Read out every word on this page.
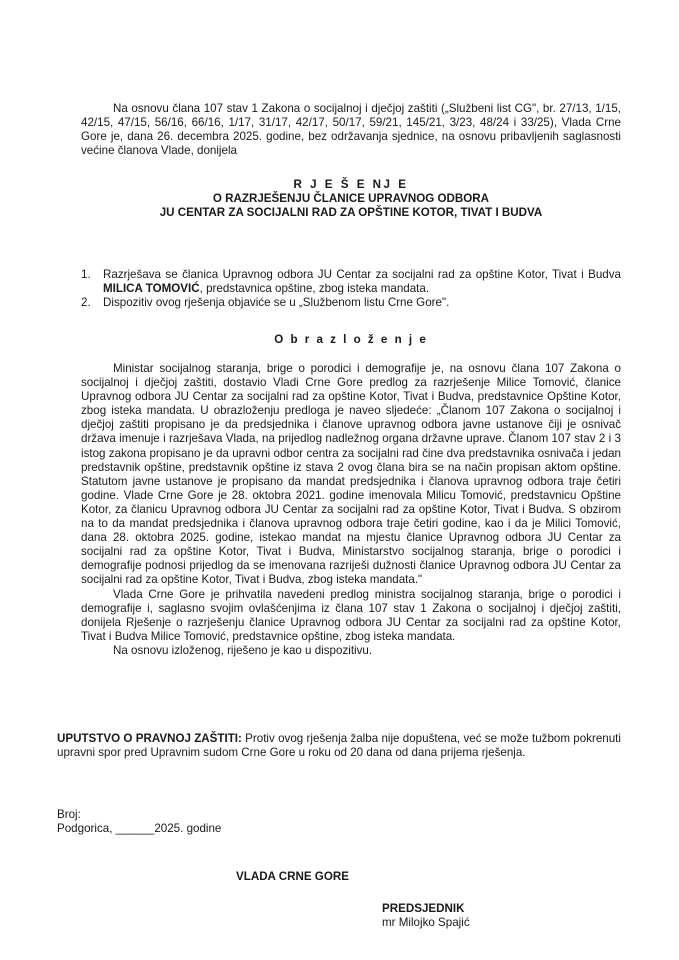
Na osnovu člana 107 stav 1 Zakona o socijalnoj i dječjoj zaštiti („Službeni list CG", br. 27/13, 1/15, 42/15, 47/15, 56/16, 66/16, 1/17, 31/17, 42/17, 50/17, 59/21, 145/21, 3/23, 48/24 i 33/25), Vlada Crne Gore je, dana 26. decembra 2025. godine, bez održavanja sjednice, na osnovu pribavljenih saglasnosti većine članova Vlade, donijela
R J E Š E NJ E
O RAZRJEŠENJU ČLANICE UPRAVNOG ODBORA
JU CENTAR ZA SOCIJALNI RAD ZA OPŠTINE KOTOR, TIVAT I BUDVA
1. Razrješava se članica Upravnog odbora JU Centar za socijalni rad za opštine Kotor, Tivat i Budva MILICA TOMOVIĆ, predstavnica opštine, zbog isteka mandata.
2. Dispozitiv ovog rješenja objaviće se u „Službenom listu Crne Gore".
O b r a z l o ž e n j e

Ministar socijalnog staranja, brige o porodici i demografije je, na osnovu člana 107 Zakona o socijalnoj i dječjoj zaštiti, dostavio Vladi Crne Gore predlog za razrješenje Milice Tomović, članice Upravnog odbora JU Centar za socijalni rad za opštine Kotor, Tivat i Budva, predstavnice Opštine Kotor, zbog isteka mandata. U obrazloženju predloga je naveo sljedeće: „Članom 107 Zakona o socijalnoj i dječjoj zaštiti propisano je da predsjednika i članove upravnog odbora javne ustanove čiji je osnivač država imenuje i razrješava Vlada, na prijedlog nadležnog organa državne uprave. Članom 107 stav 2 i 3 istog zakona propisano je da upravni odbor centra za socijalni rad čine dva predstavnika osnivača i jedan predstavnik opštine, predstavnik opštine iz stava 2 ovog člana bira se na način propisan aktom opštine. Statutom javne ustanove je propisano da mandat predsjednika i članova upravnog odbora traje četiri godine. Vlade Crne Gore je 28. oktobra 2021. godine imenovala Milicu Tomović, predstavnicu Opštine Kotor, za članicu Upravnog odbora JU Centar za socijalni rad za opštine Kotor, Tivat i Budva. S obzirom na to da mandat predsjednika i članova upravnog odbora traje četiri godine, kao i da je Milici Tomović, dana 28. oktobra 2025. godine, istekao mandat na mjestu članice Upravnog odbora JU Centar za socijalni rad za opštine Kotor, Tivat i Budva, Ministarstvo socijalnog staranja, brige o porodici i demografije podnosi prijedlog da se imenovana razriješi dužnosti članice Upravnog odbora JU Centar za socijalni rad za opštine Kotor, Tivat i Budva, zbog isteka mandata."

Vlada Crne Gore je prihvatila navedeni predlog ministra socijalnog staranja, brige o porodici i demografije i, saglasno svojim ovlašćenjima iz člana 107 stav 1 Zakona o socijalnoj i dječjoj zaštiti, donijela Rješenje o razrješenju članice Upravnog odbora JU Centar za socijalni rad za opštine Kotor, Tivat i Budva Milice Tomović, predstavnice opštine, zbog isteka mandata.

Na osnovu izloženog, riješeno je kao u dispozitivu.

UPUTSTVO O PRAVNOJ ZAŠTITI: Protiv ovog rješenja žalba nije dopuštena, već se može tužbom pokrenuti upravni spor pred Upravnim sudom Crne Gore u roku od 20 dana od dana prijema rješenja.
Broj:
Podgorica, ______2025. godine
VLADA CRNE GORE
PREDSJEDNIK
mr Milojko Spajić
